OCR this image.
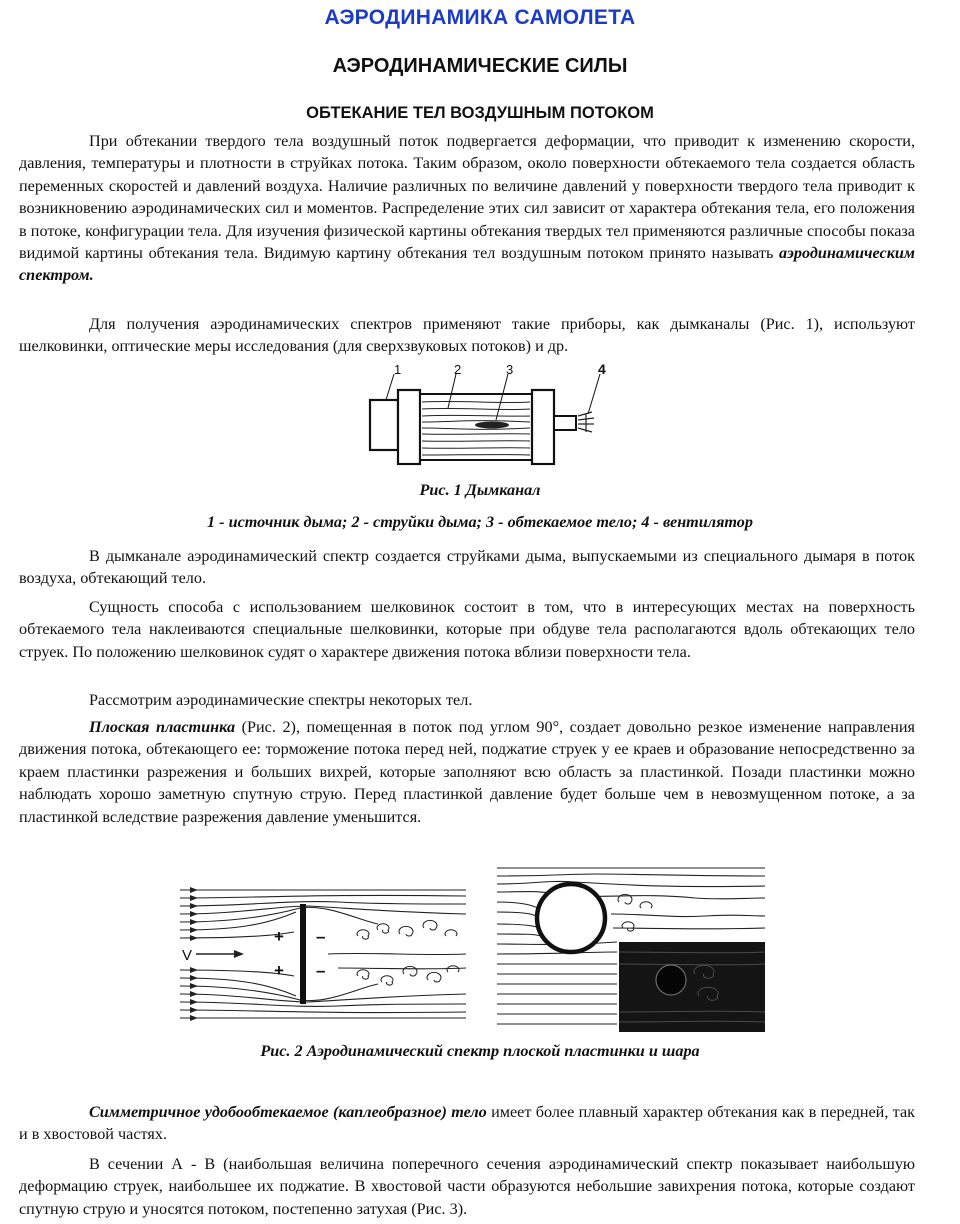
АЭРОДИНАМИКА САМОЛЕТА
АЭРОДИНАМИЧЕСКИЕ СИЛЫ
ОБТЕКАНИЕ ТЕЛ ВОЗДУШНЫМ ПОТОКОМ

При обтекании твердого тела воздушный поток подвергается деформации, что приводит к изменению скорости, давления, температуры и плотности в струйках потока. Таким образом, около поверхности обтекаемого тела создается область переменных скоростей и давлений воздуха. Наличие различных по величине давлений у поверхности твердого тела приводит к возникновению аэродинамических сил и моментов. Распределение этих сил зависит от характера обтекания тела, его положения в потоке, конфигурации тела. Для изучения физической картины обтекания твердых тел применяются различные способы показа видимой картины обтекания тела. Видимую картину обтекания тел воздушным потоком принято называть аэродинамическим спектром.

Для получения аэродинамических спектров применяют такие приборы, как дымканалы (Рис. 1), используют шелковинки, оптические меры исследования (для сверхзвуковых потоков) и др.

1	2	3	4
Рис. 1 Дымканал
1 - источник дыма; 2 - струйки дыма; 3 - обтекаемое тело; 4 - вентилятор

В дымканале аэродинамический спектр создается струйками дыма, выпускаемыми из специального дымаря в поток воздуха, обтекающий тело.

Сущность способа с использованием шелковинок состоит в том, что в интересующих местах на поверхность обтекаемого тела наклеиваются специальные шелковинки, которые при обдуве тела располагаются вдоль обтекающих тело струек. По положению шелковинок судят о характере движения потока вблизи поверхности тела.

Рассмотрим аэродинамические спектры некоторых тел.

Плоская пластинка (Рис. 2), помещенная в поток под углом 90°, создает довольно резкое изменение направления движения потока, обтекающего ее: торможение потока перед ней, поджатие струек у ее краев и образование непосредственно за краем пластинки разрежения и больших вихрей, которые заполняют всю область за пластинкой. Позади пластинки можно наблюдать хорошо заметную спутную струю. Перед пластинкой давление будет больше чем в невозмущенном потоке, а за пластинкой вследствие разрежения давление уменьшится.

V
+
+
–
–
Рис. 2 Аэродинамический спектр плоской пластинки и шара

Симметричное удобообтекаемое (каплеобразное) тело имеет более плавный характер обтекания как в передней, так и в хвостовой частях.

В сечении А - В (наибольшая величина поперечного сечения аэродинамический спектр показывает наибольшую деформацию струек, наибольшее их поджатие. В хвостовой части образуются небольшие завихрения потока, которые создают спутную струю и уносятся потоком, постепенно затухая (Рис. 3).
